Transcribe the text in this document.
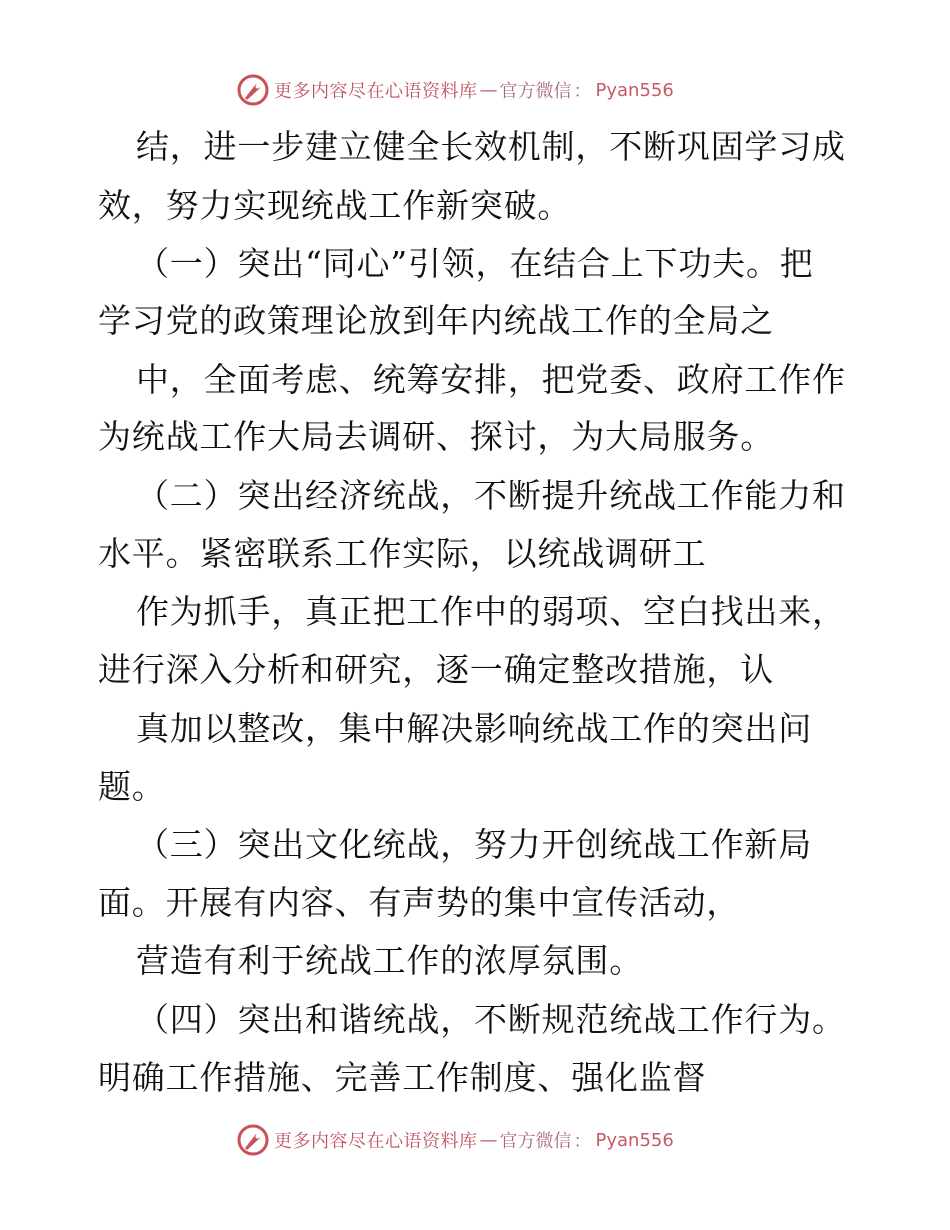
更多内容尽在心语资料库 — 官方微信 ： Pyan556
结，进一步建立健全长效机制，不断巩固学习成
效，努力实现统战工作新突破。
（一）突出“同心”引领，在结合上下功夫。把
学习党的政策理论放到年内统战工作的全局之
中，全面考虑、统筹安排，把党委、政府工作作
为统战工作大局去调研、探讨，为大局服务。
（二）突出经济统战，不断提升统战工作能力和
水平。紧密联系工作实际，以统战调研工
作为抓手，真正把工作中的弱项、空白找出来，
进行深入分析和研究，逐一确定整改措施，认
真加以整改，集中解决影响统战工作的突出问
题。
（三）突出文化统战，努力开创统战工作新局
面。开展有内容、有声势的集中宣传活动，
营造有利于统战工作的浓厚氛围。
（四）突出和谐统战，不断规范统战工作行为。
明确工作措施、完善工作制度、强化监督
更多内容尽在心语资料库 — 官方微信 ： Pyan556
